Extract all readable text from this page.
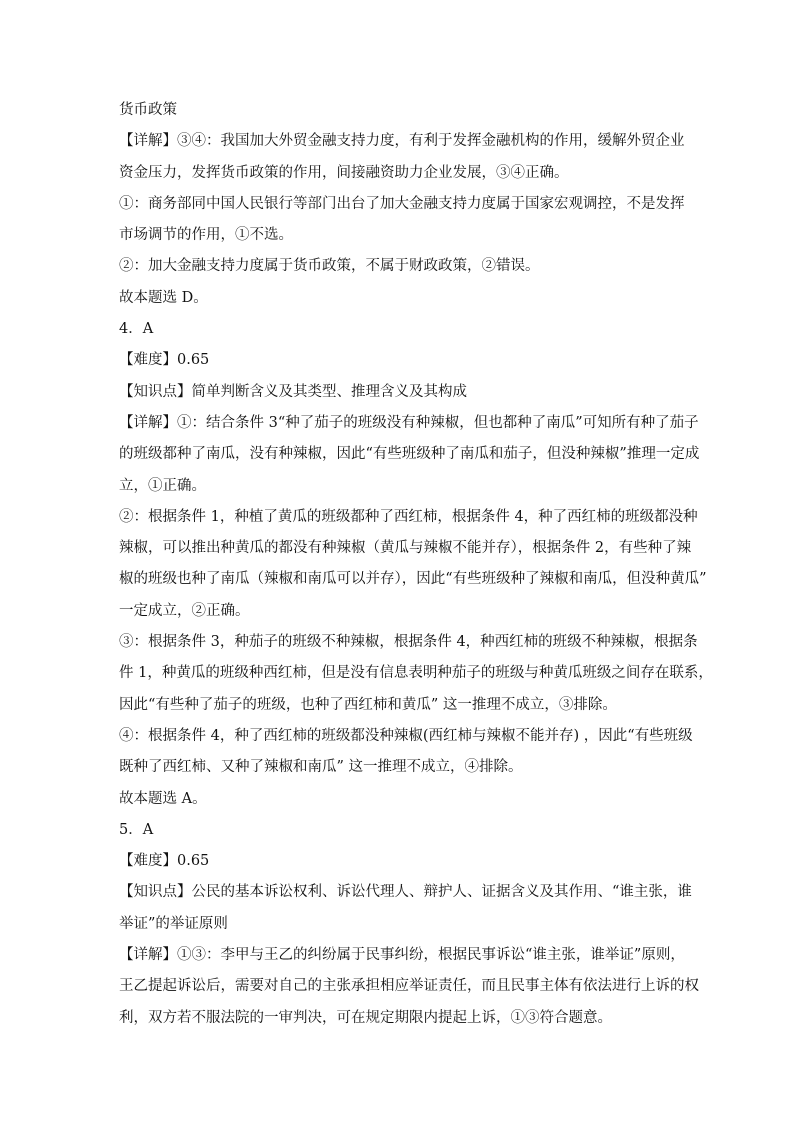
货币政策
【详解】③④：我国加大外贸金融支持力度，有利于发挥金融机构的作用，缓解外贸企业
资金压力，发挥货币政策的作用，间接融资助力企业发展，③④正确。
①：商务部同中国人民银行等部门出台了加大金融支持力度属于国家宏观调控，不是发挥
市场调节的作用，①不选。
②：加大金融支持力度属于货币政策，不属于财政政策，②错误。
故本题选 D。
4．A
【难度】0.65
【知识点】简单判断含义及其类型、推理含义及其构成
【详解】①：结合条件 3“种了茄子的班级没有种辣椒，但也都种了南瓜”可知所有种了茄子
的班级都种了南瓜，没有种辣椒，因此“有些班级种了南瓜和茄子，但没种辣椒”推理一定成
立，①正确。
②：根据条件 1，种植了黄瓜的班级都种了西红柿，根据条件 4，种了西红柿的班级都没种
辣椒，可以推出种黄瓜的都没有种辣椒（黄瓜与辣椒不能并存），根据条件 2，有些种了辣
椒的班级也种了南瓜（辣椒和南瓜可以并存），因此“有些班级种了辣椒和南瓜，但没种黄瓜”
一定成立，②正确。
③：根据条件 3，种茄子的班级不种辣椒，根据条件 4，种西红柿的班级不种辣椒，根据条
件 1，种黄瓜的班级种西红柿，但是没有信息表明种茄子的班级与种黄瓜班级之间存在联系，
因此“有些种了茄子的班级，也种了西红柿和黄瓜” 这一推理不成立，③排除。
④：根据条件 4，种了西红柿的班级都没种辣椒(西红柿与辣椒不能并存) ，因此“有些班级
既种了西红柿、又种了辣椒和南瓜” 这一推理不成立，④排除。
故本题选 A。
5．A
【难度】0.65
【知识点】公民的基本诉讼权利、诉讼代理人、辩护人、证据含义及其作用、“谁主张，谁
举证”的举证原则
【详解】①③：李甲与王乙的纠纷属于民事纠纷，根据民事诉讼“谁主张，谁举证”原则，
王乙提起诉讼后，需要对自己的主张承担相应举证责任，而且民事主体有依法进行上诉的权
利，双方若不服法院的一审判决，可在规定期限内提起上诉，①③符合题意。
